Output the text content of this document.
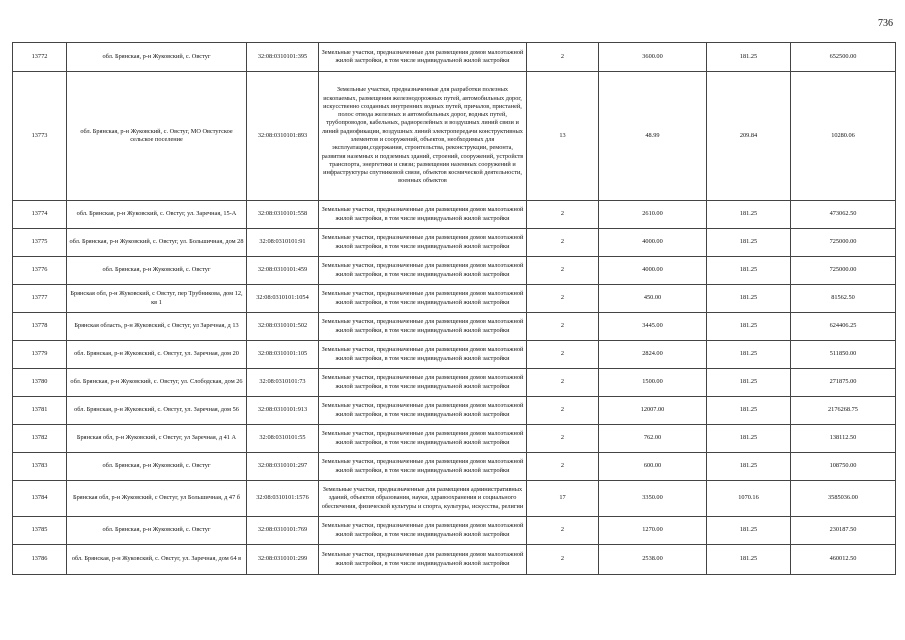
736
13772	обл. Брянская, р-н Жуковский, с. Овстуг	32:08:0310101:395	Земельные участки, предназначенные для размещения домов малоэтажной жилой застройки, в том числе индивидуальной жилой застройки	2	3600.00	181.25	652500.00
13773	обл. Брянская, р-н Жуковский, с. Овстуг, МО Овстугское сельское поселение	32:08:0310101:893	Земельные участки, предназначенные для разработки полезных ископаемых, размещения железнодорожных путей, автомобильных дорог, искусственно созданных внутренних водных путей, причалов, пристаней, полос отвода железных и автомобильных дорог, водных путей, трубопроводов, кабельных, радиорелейных и воздушных линий связи и линий радиофикации, воздушных линий электропередачи конструктивных элементов и сооружений, объектов, необходимых для эксплуатации,содержания, строительства, реконструкции, ремонта, развития наземных и подземных зданий, строений, сооружений, устройств транспорта, энергетики и связи; размещения наземных сооружений и инфраструктуры спутниковой связи, объектов космической деятельности, военных объектов	13	48.99	209.84	10280.06
13774	обл. Брянская, р-н Жуковский, с. Овстуг, ул. Заречная, 15-А	32:08:0310101:558	Земельные участки, предназначенные для размещения домов малоэтажной жилой застройки, в том числе индивидуальной жилой застройки	2	2610.00	181.25	473062.50
13775	обл. Брянская, р-н Жуковский, с. Овстуг, ул. Большичная, дом 28	32:08:0310101:91	Земельные участки, предназначенные для размещения домов малоэтажной жилой застройки, в том числе индивидуальной жилой застройки	2	4000.00	181.25	725000.00
13776	обл. Брянская, р-н Жуковский, с. Овстуг	32:08:0310101:459	Земельные участки, предназначенные для размещения домов малоэтажной жилой застройки, в том числе индивидуальной жилой застройки	2	4000.00	181.25	725000.00
13777	Брянская обл, р-н Жуковский, с Овстуг, пер Трубникова, дом 12, кв 1	32:08:0310101:1054	Земельные участки, предназначенные для размещения домов малоэтажной жилой застройки, в том числе индивидуальной жилой застройки	2	450.00	181.25	81562.50
13778	Брянская область, р-н Жуковский, с Овстуг, ул Заречная, д 13	32:08:0310101:502	Земельные участки, предназначенные для размещения домов малоэтажной жилой застройки, в том числе индивидуальной жилой застройки	2	3445.00	181.25	624406.25
13779	обл. Брянская, р-н Жуковский, с. Овстуг, ул. Заречная, дом 20	32:08:0310101:105	Земельные участки, предназначенные для размещения домов малоэтажной жилой застройки, в том числе индивидуальной жилой застройки	2	2824.00	181.25	511850.00
13780	обл. Брянская, р-н Жуковский, с. Овстуг, ул. Слободская, дом 26	32:08:0310101:73	Земельные участки, предназначенные для размещения домов малоэтажной жилой застройки, в том числе индивидуальной жилой застройки	2	1500.00	181.25	271875.00
13781	обл. Брянская, р-н Жуковский, с. Овстуг, ул. Заречная, дом 56	32:08:0310101:913	Земельные участки, предназначенные для размещения домов малоэтажной жилой застройки, в том числе индивидуальной жилой застройки	2	12007.00	181.25	2176268.75
13782	Брянская обл, р-н Жуковский, с Овстуг, ул Заречная, д 41 А	32:08:0310101:55	Земельные участки, предназначенные для размещения домов малоэтажной жилой застройки, в том числе индивидуальной жилой застройки	2	762.00	181.25	138112.50
13783	обл. Брянская, р-н Жуковский, с. Овстуг	32:08:0310101:297	Земельные участки, предназначенные для размещения домов малоэтажной жилой застройки, в том числе индивидуальной жилой застройки	2	600.00	181.25	108750.00
13784	Брянская обл, р-н Жуковский, с Овстуг, ул Большичная, д 47 б	32:08:0310101:1576	Земельные участки, предназначенные для размещения административных зданий, объектов образования, науки, здравоохранения и социального обеспечения, физической культуры и спорта, культуры, искусства, религии	17	3350.00	1070.16	3585036.00
13785	обл. Брянская, р-н Жуковский, с. Овстуг	32:08:0310101:769	Земельные участки, предназначенные для размещения домов малоэтажной жилой застройки, в том числе индивидуальной жилой застройки	2	1270.00	181.25	230187.50
13786	обл. Брянская, р-н Жуковский, с. Овстуг, ул. Заречная, дом 64 в	32:08:0310101:299	Земельные участки, предназначенные для размещения домов малоэтажной жилой застройки, в том числе индивидуальной жилой застройки	2	2538.00	181.25	460012.50
